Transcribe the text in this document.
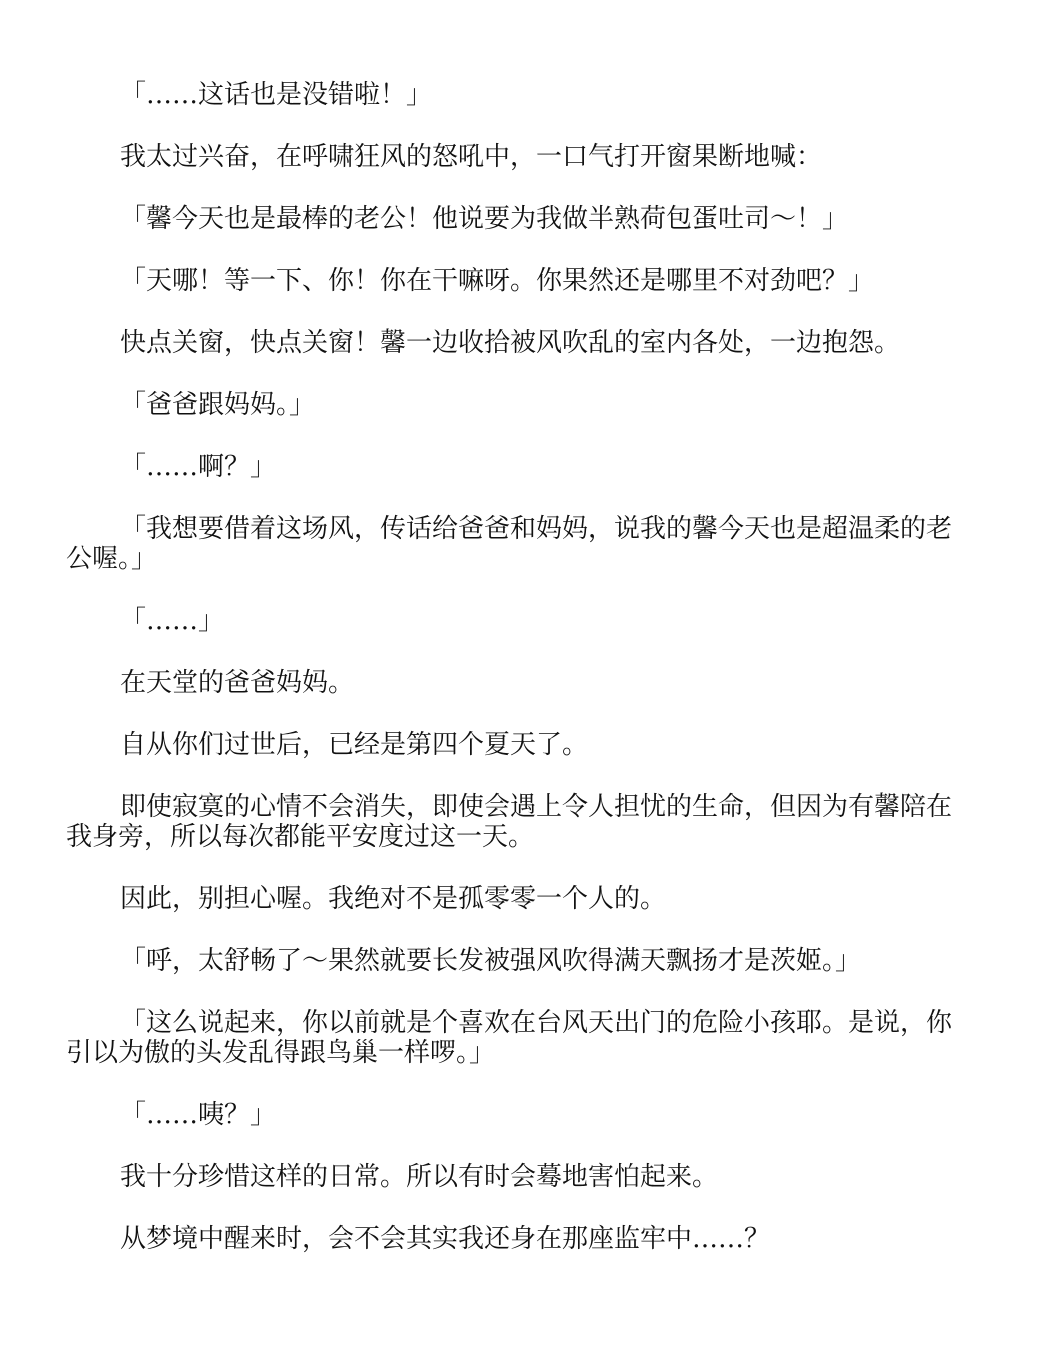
「……这话也是没错啦！」

我太过兴奋，在呼啸狂风的怒吼中，一口气打开窗果断地喊：

「馨今天也是最棒的老公！他说要为我做半熟荷包蛋吐司～！」

「天哪！等一下、你！你在干嘛呀。你果然还是哪里不对劲吧？」

快点关窗，快点关窗！馨一边收拾被风吹乱的室内各处，一边抱怨。

「爸爸跟妈妈。」

「……啊？」

「我想要借着这场风，传话给爸爸和妈妈，说我的馨今天也是超温柔的老公喔。」

「……」

在天堂的爸爸妈妈。

自从你们过世后，已经是第四个夏天了。

即使寂寞的心情不会消失，即使会遇上令人担忧的生命，但因为有馨陪在我身旁，所以每次都能平安度过这一天。

因此，别担心喔。我绝对不是孤零零一个人的。

「呼，太舒畅了～果然就要长发被强风吹得满天飘扬才是茨姬。」

「这么说起来，你以前就是个喜欢在台风天出门的危险小孩耶。是说，你引以为傲的头发乱得跟鸟巢一样啰。」

「……咦？」

我十分珍惜这样的日常。所以有时会蓦地害怕起来。

从梦境中醒来时，会不会其实我还身在那座监牢中……？
